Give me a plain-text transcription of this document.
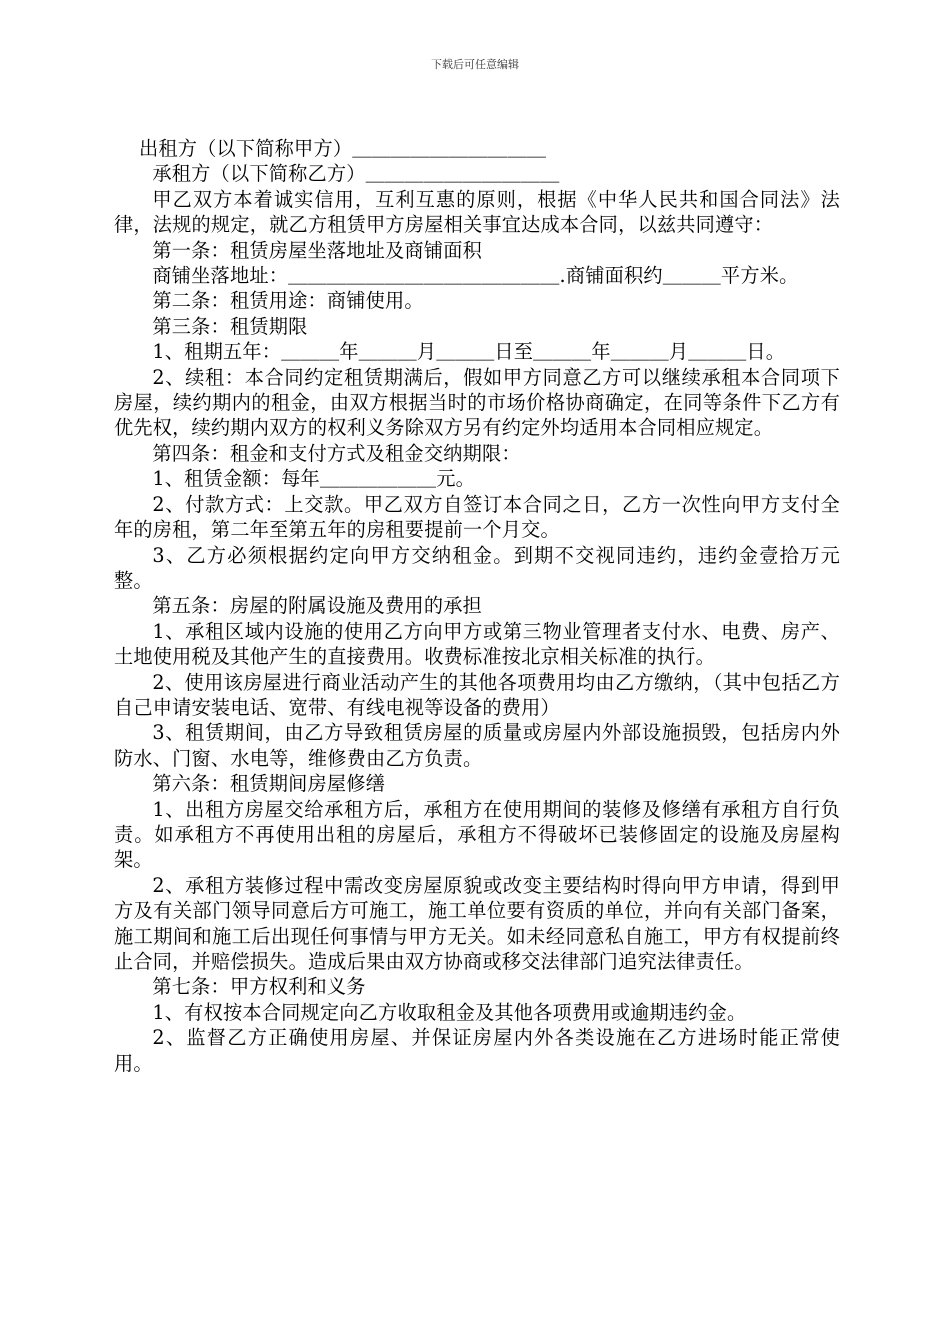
下载后可任意编辑

出租方（以下简称甲方）＿＿＿＿＿＿＿＿＿＿

承租方（以下简称乙方）＿＿＿＿＿＿＿＿＿＿

甲乙双方本着诚实信用，互利互惠的原则，根据《中华人民共和国合同法》法律，法规的规定，就乙方租赁甲方房屋相关事宜达成本合同，以兹共同遵守：

第一条：租赁房屋坐落地址及商铺面积

商铺坐落地址：＿＿＿＿＿＿＿＿＿＿＿＿＿＿.商铺面积约＿＿＿平方米。

第二条：租赁用途：商铺使用。

第三条：租赁期限

1、租期五年：＿＿＿年＿＿＿月＿＿＿日至＿＿＿年＿＿＿月＿＿＿日。

2、续租：本合同约定租赁期满后，假如甲方同意乙方可以继续承租本合同项下房屋，续约期内的租金，由双方根据当时的市场价格协商确定，在同等条件下乙方有优先权，续约期内双方的权利义务除双方另有约定外均适用本合同相应规定。

第四条：租金和支付方式及租金交纳期限：

1、租赁金额：每年＿＿＿＿＿＿元。

2、付款方式：上交款。甲乙双方自签订本合同之日，乙方一次性向甲方支付全年的房租，第二年至第五年的房租要提前一个月交。

3、乙方必须根据约定向甲方交纳租金。到期不交视同违约，违约金壹拾万元整。

第五条：房屋的附属设施及费用的承担

1、承租区域内设施的使用乙方向甲方或第三物业管理者支付水、电费、房产、土地使用税及其他产生的直接费用。收费标准按北京相关标准的执行。

2、使用该房屋进行商业活动产生的其他各项费用均由乙方缴纳，（其中包括乙方自己申请安装电话、宽带、有线电视等设备的费用）

3、租赁期间，由乙方导致租赁房屋的质量或房屋内外部设施损毁，包括房内外防水、门窗、水电等，维修费由乙方负责。

第六条：租赁期间房屋修缮

1、出租方房屋交给承租方后，承租方在使用期间的装修及修缮有承租方自行负责。如承租方不再使用出租的房屋后，承租方不得破坏已装修固定的设施及房屋构架。

2、承租方装修过程中需改变房屋原貌或改变主要结构时得向甲方申请，得到甲方及有关部门领导同意后方可施工，施工单位要有资质的单位，并向有关部门备案，施工期间和施工后出现任何事情与甲方无关。如未经同意私自施工，甲方有权提前终止合同，并赔偿损失。造成后果由双方协商或移交法律部门追究法律责任。

第七条：甲方权利和义务

1、有权按本合同规定向乙方收取租金及其他各项费用或逾期违约金。

2、监督乙方正确使用房屋、并保证房屋内外各类设施在乙方进场时能正常使用。
